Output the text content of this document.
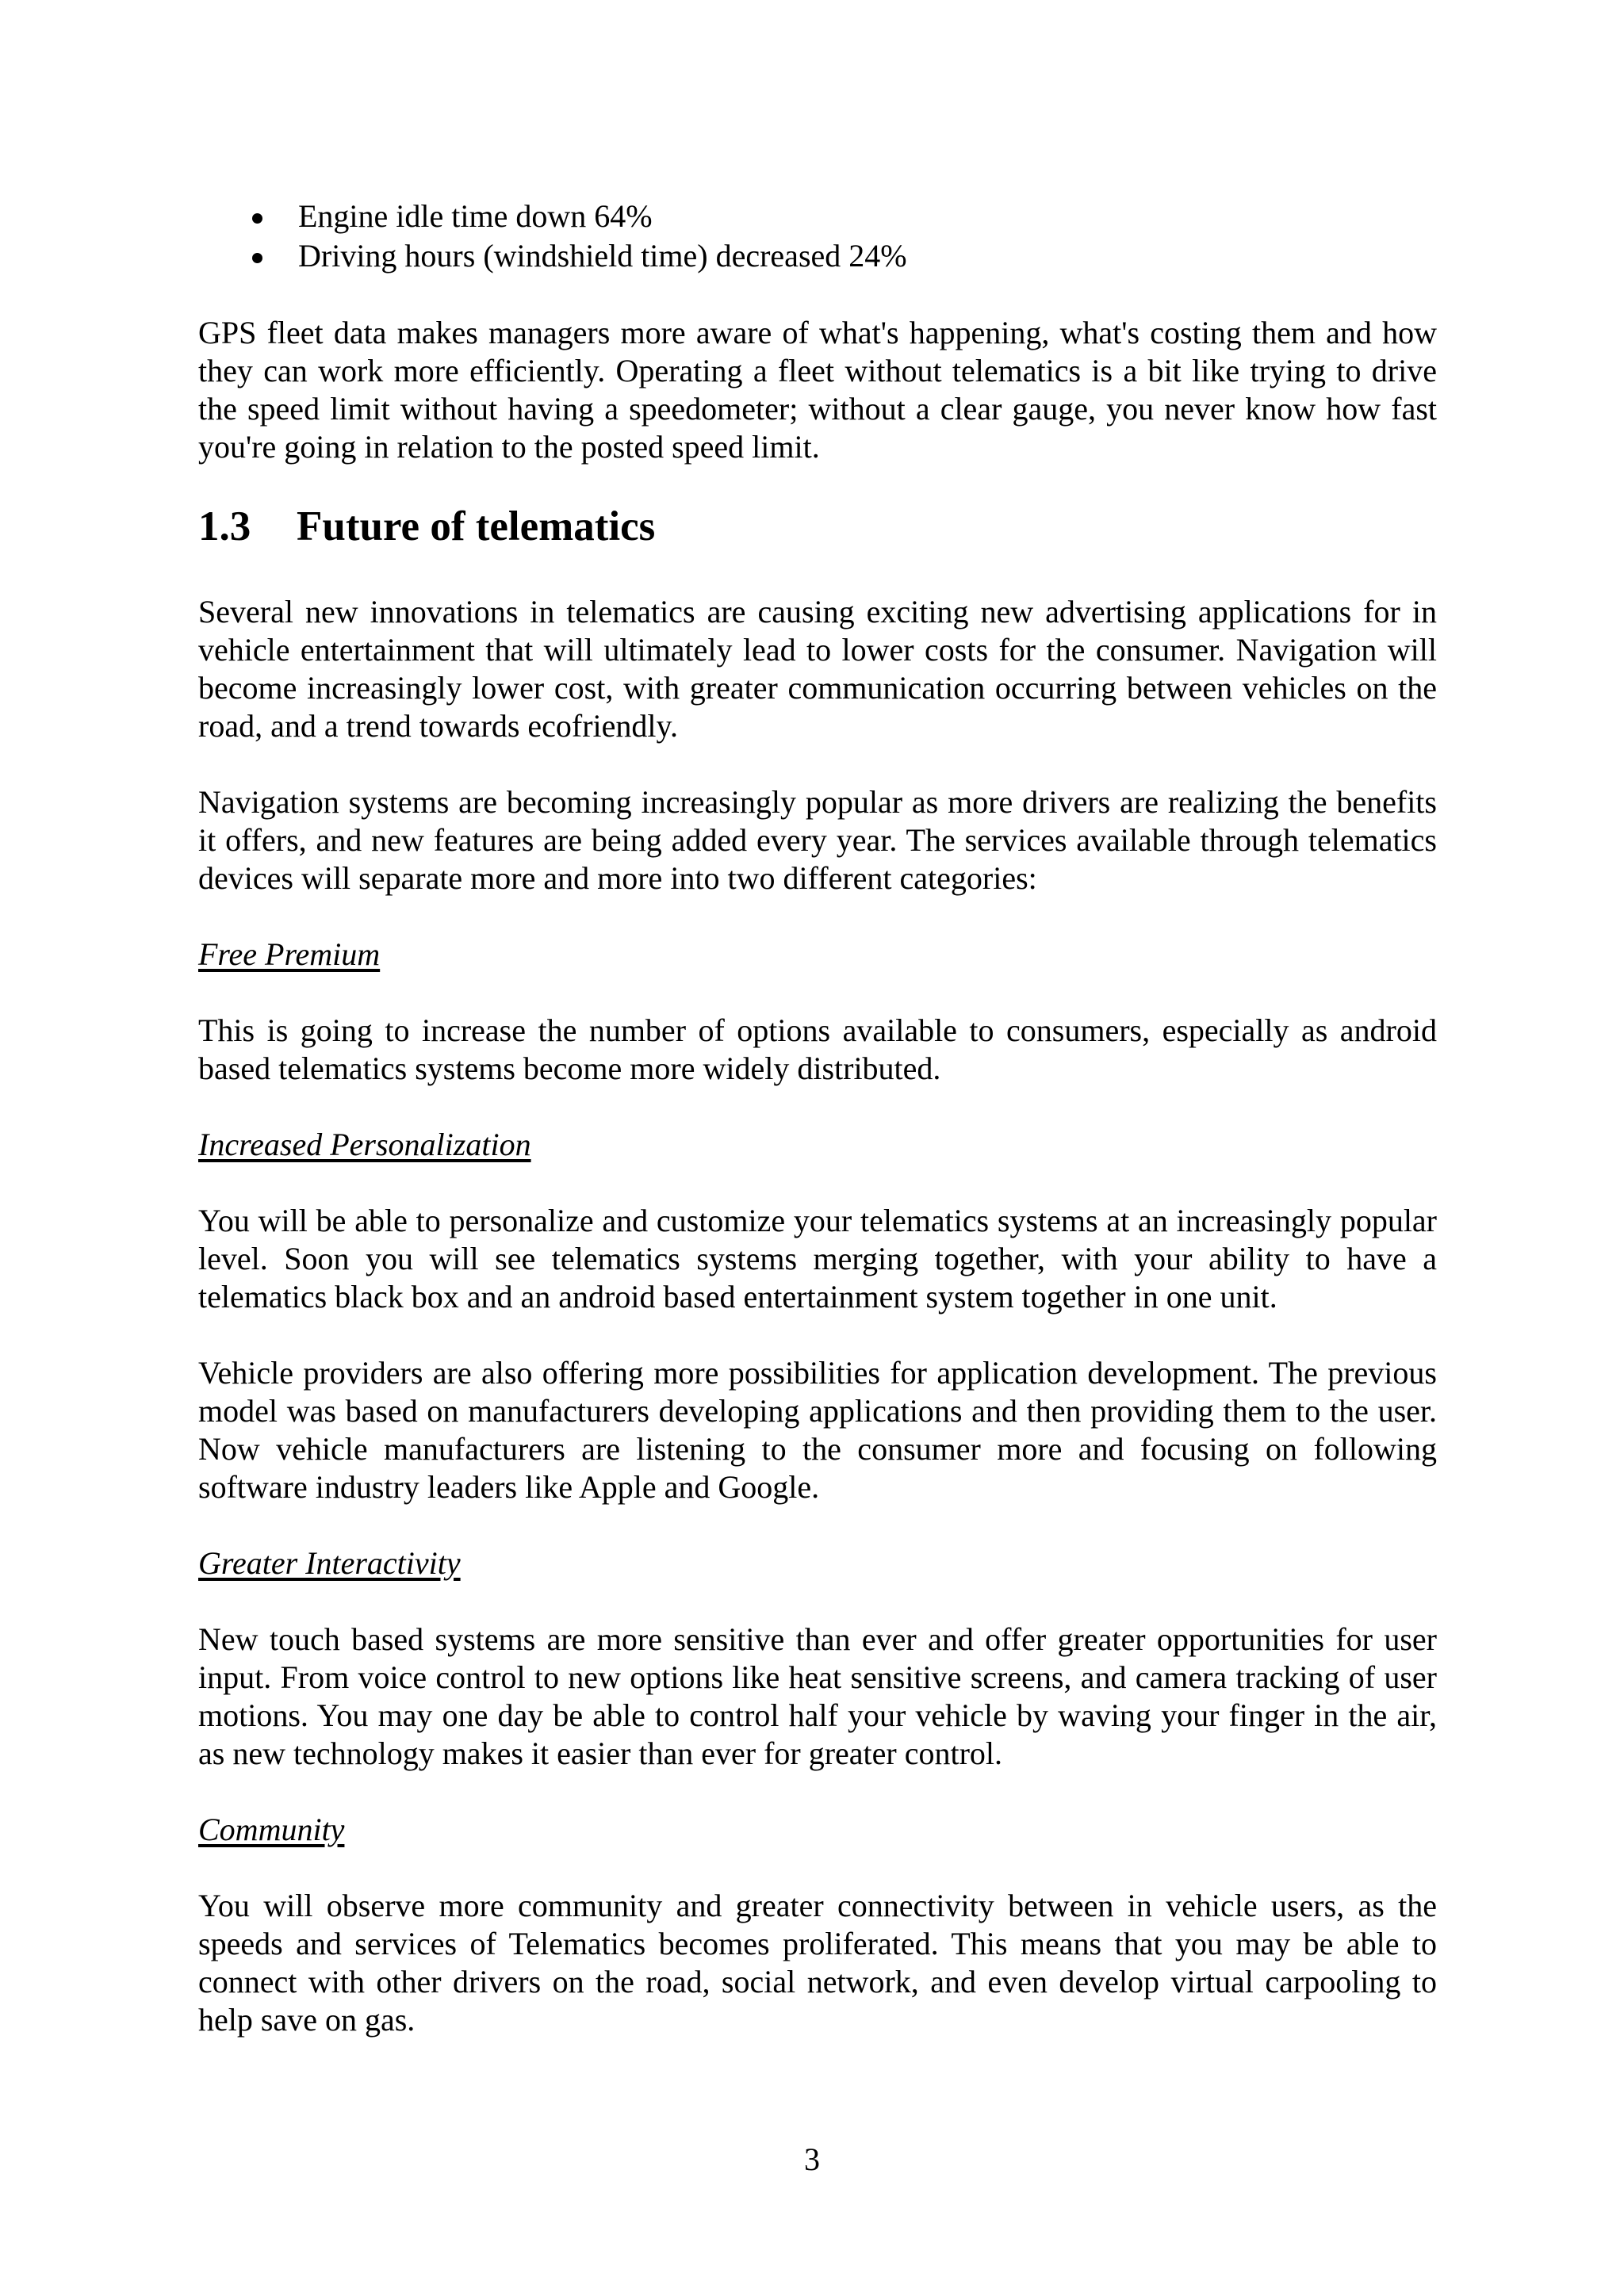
Engine idle time down 64%
Driving hours (windshield time) decreased 24%

GPS fleet data makes managers more aware of what's happening, what's costing them and how they can work more efficiently. Operating a fleet without telematics is a bit like trying to drive the speed limit without having a speedometer; without a clear gauge, you never know how fast you're going in relation to the posted speed limit.

1.3 Future of telematics

Several new innovations in telematics are causing exciting new advertising applications for in vehicle entertainment that will ultimately lead to lower costs for the consumer. Navigation will become increasingly lower cost, with greater communication occurring between vehicles on the road, and a trend towards ecofriendly.

Navigation systems are becoming increasingly popular as more drivers are realizing the benefits it offers, and new features are being added every year. The services available through telematics devices will separate more and more into two different categories:

Free Premium

This is going to increase the number of options available to consumers, especially as android based telematics systems become more widely distributed.

Increased Personalization

You will be able to personalize and customize your telematics systems at an increasingly popular level. Soon you will see telematics systems merging together, with your ability to have a telematics black box and an android based entertainment system together in one unit.

Vehicle providers are also offering more possibilities for application development. The previous model was based on manufacturers developing applications and then providing them to the user. Now vehicle manufacturers are listening to the consumer more and focusing on following software industry leaders like Apple and Google.

Greater Interactivity

New touch based systems are more sensitive than ever and offer greater opportunities for user input. From voice control to new options like heat sensitive screens, and camera tracking of user motions. You may one day be able to control half your vehicle by waving your finger in the air, as new technology makes it easier than ever for greater control.

Community

You will observe more community and greater connectivity between in vehicle users, as the speeds and services of Telematics becomes proliferated. This means that you may be able to connect with other drivers on the road, social network, and even develop virtual carpooling to help save on gas.

3
